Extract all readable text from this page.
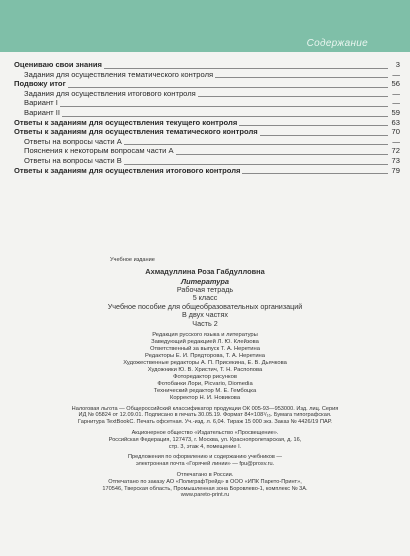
Содержание
Оцениваю свои знания	3
Задания для осуществления тематического контроля	—
Подвожу итог	56
Задания для осуществления итогового контроля	—
Вариант I	—
Вариант II	59
Ответы к заданиям для осуществления текущего контроля	63
Ответы к заданиям для осуществления тематического контроля	70
Ответы на вопросы части А	—
Пояснения к некоторым вопросам части А	72
Ответы на вопросы части В	73
Ответы к заданиям для осуществления итогового контроля	79
Учебное издание
Ахмадуллина Роза Габдулловна
Литература
Рабочая тетрадь
5 класс
Учебное пособие для общеобразовательных организаций
В двух частях
Часть 2
Редакция русского языка и литературы
Заведующий редакцией Л. Ю. Клейзова
Ответственный за выпуск Т. А. Неретина
Редакторы Е. И. Прядторова, Т. А. Неретина
Художественные редакторы А. П. Присекина, Е. В. Дьячкова
Художники Ю. В. Христич, Т. Н. Распопова
Фоторедактор рисунков
Фотобанки Лори, Picvario, Diomedia
Технический редактор М. Е. Гембоцка
Корректор Н. И. Новикова
Налоговая льгота — Общероссийский классификатор продукции ОК 005-93—953000. Изд. лиц. Серия
ИД № 05824 от 12.09.01. Подписано в печать 30.05.19. Формат 84×108¹/₁₆. Бумага типографская.
Гарнитура TextBookC. Печать офсетная. Уч.-изд. л. 6,04. Тираж 15 000 экз. Заказ № 4426/19 ПАР.
Акционерное общество «Издательство «Просвещение».
Российская Федерация, 127473, г. Москва, ул. Краснопролетарская, д. 16,
стр. 3, этаж 4, помещение I.
Предложения по оформлению и содержанию учебников —
электронная почта «Горячей линии» — fpu@prosv.ru.
Отпечатано в России.
Отпечатано по заказу АО «ПолиграфТрейд» в ООО «ИПК Парето-Принт»,
170546, Тверская область, Промышленная зона Боровлево-1, комплекс № 3А.
www.pareto-print.ru
